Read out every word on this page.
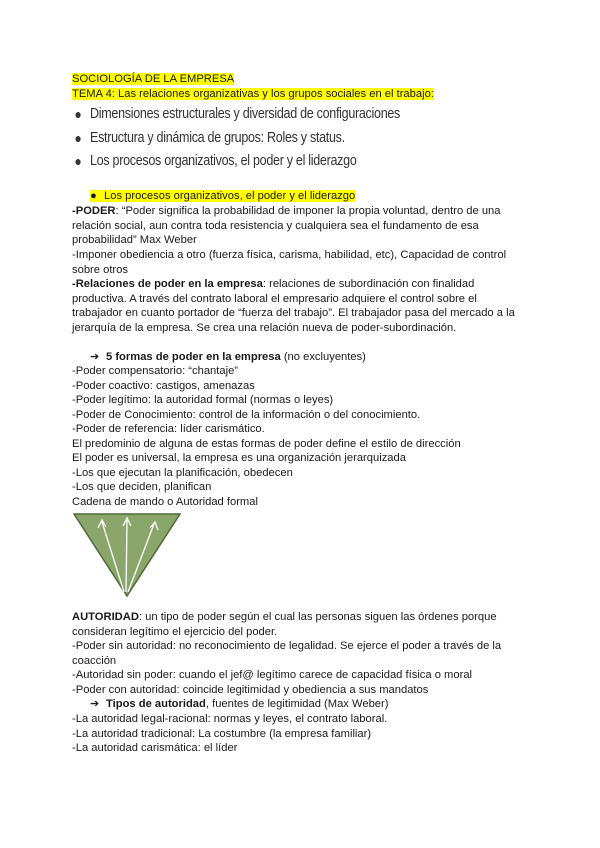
SOCIOLOGÍA DE LA EMPRESA
TEMA 4: Las relaciones organizativas y los grupos sociales en el trabajo:
● Dimensiones estructurales y diversidad de configuraciones
● Estructura y dinámica de grupos: Roles y status.
● Los procesos organizativos, el poder y el liderazgo
● Los procesos organizativos, el poder y el liderazgo
-PODER: “Poder significa la probabilidad de imponer la propia voluntad, dentro de una
relación social, aun contra toda resistencia y cualquiera sea el fundamento de esa
probabilidad” Max Weber
-Imponer obediencia a otro (fuerza física, carisma, habilidad, etc), Capacidad de control
sobre otros
-Relaciones de poder en la empresa: relaciones de subordinación con finalidad
productiva. A través del contrato laboral el empresario adquiere el control sobre el
trabajador en cuanto portador de “fuerza del trabajo”. El trabajador pasa del mercado a la
jerarquía de la empresa. Se crea una relación nueva de poder-subordinación.
➔ 5 formas de poder en la empresa (no excluyentes)
-Poder compensatorio: “chantaje”
-Poder coactivo: castigos, amenazas
-Poder legítimo: la autoridad formal (normas o leyes)
-Poder de Conocimiento: control de la información o del conocimiento.
-Poder de referencia: líder carismático.
El predominio de alguna de estas formas de poder define el estilo de dirección
El poder es universal, la empresa es una organización jerarquizada
-Los que ejecutan la planificación, obedecen
-Los que deciden, planifican
Cadena de mando o Autoridad formal
AUTORIDAD: un tipo de poder según el cual las personas siguen las órdenes porque
consideran legítimo el ejercicio del poder.
-Poder sin autoridad: no reconocimiento de legalidad. Se ejerce el poder a través de la
coacción
-Autoridad sin poder: cuando el jef@ legítimo carece de capacidad física o moral
-Poder con autoridad: coincide legitimidad y obediencia a sus mandatos
➔ Tipos de autoridad, fuentes de legitimidad (Max Weber)
-La autoridad legal-racional: normas y leyes, el contrato laboral.
-La autoridad tradicional: La costumbre (la empresa familiar)
-La autoridad carismática: el líder
